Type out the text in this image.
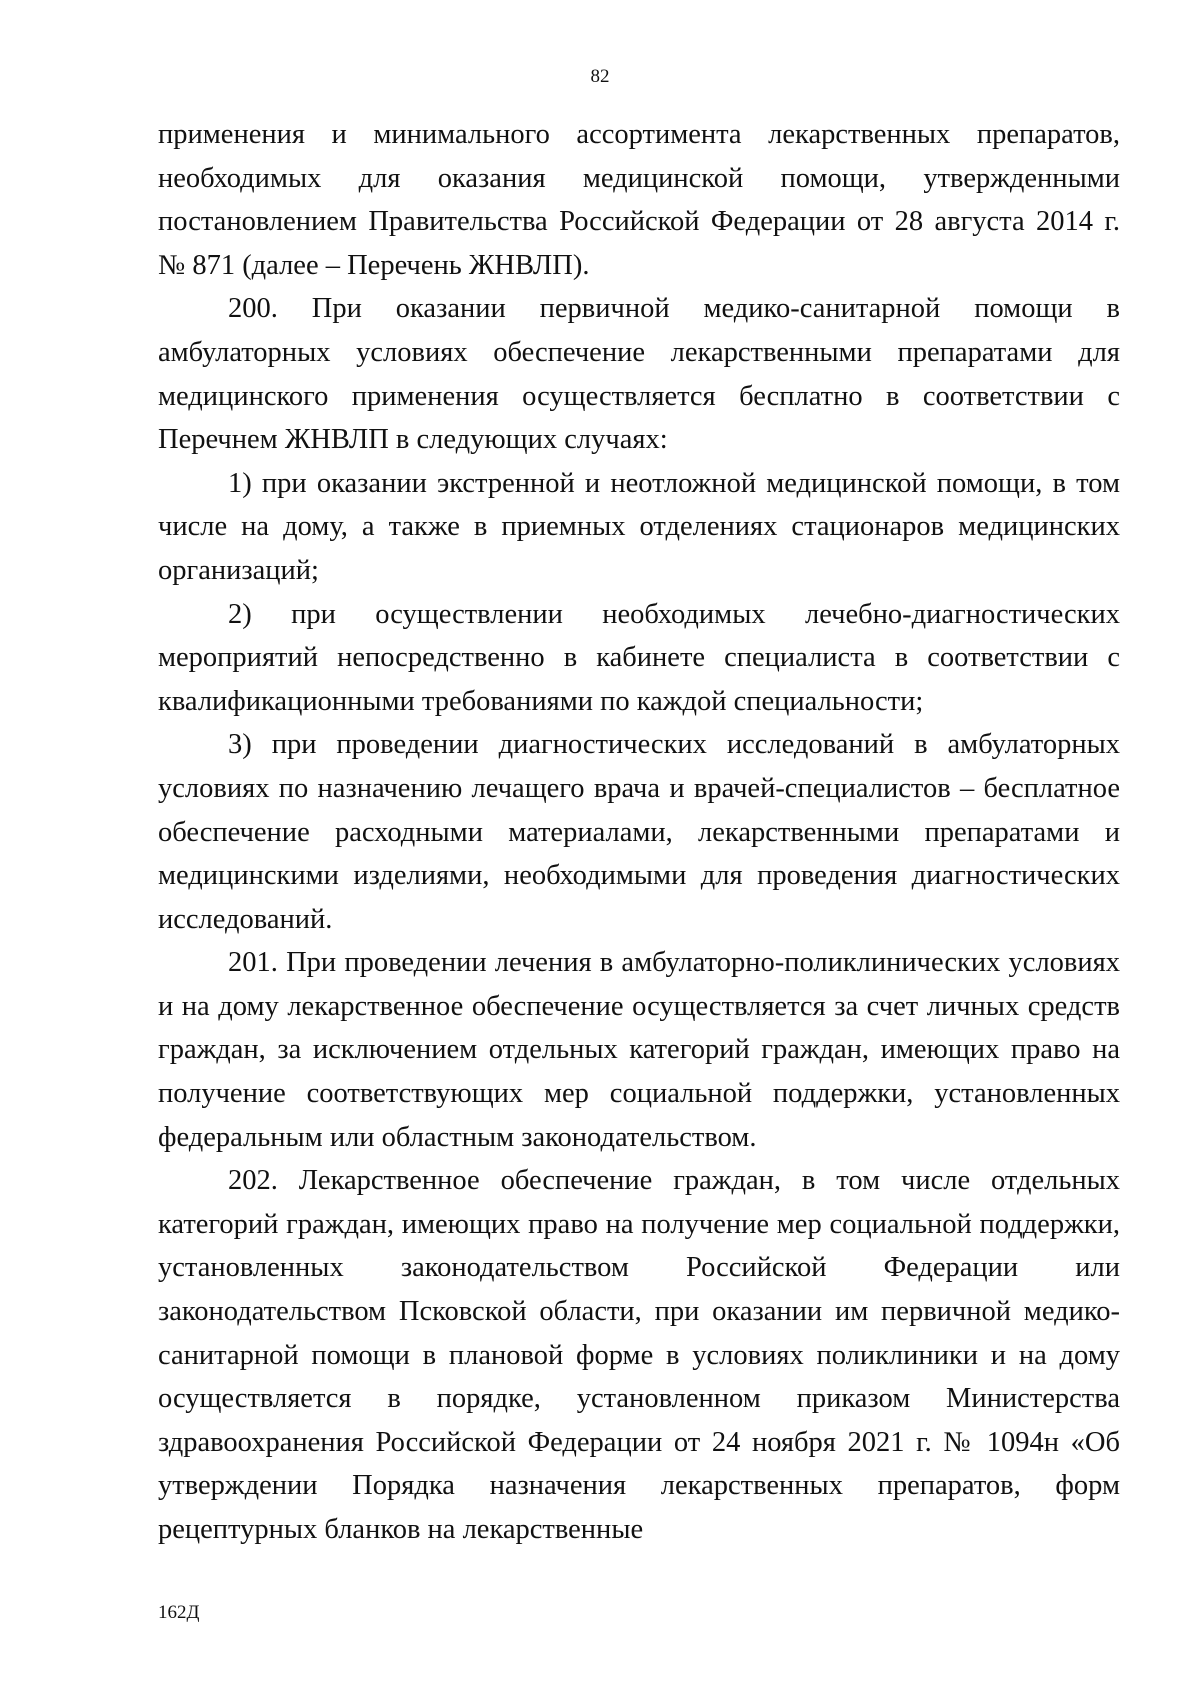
82

применения и минимального ассортимента лекарственных препаратов, необходимых для оказания медицинской помощи, утвержденными постановлением Правительства Российской Федерации от 28 августа 2014 г. № 871 (далее – Перечень ЖНВЛП).

200. При оказании первичной медико-санитарной помощи в амбулаторных условиях обеспечение лекарственными препаратами для медицинского применения осуществляется бесплатно в соответствии с Перечнем ЖНВЛП в следующих случаях:

1) при оказании экстренной и неотложной медицинской помощи, в том числе на дому, а также в приемных отделениях стационаров медицинских организаций;

2) при осуществлении необходимых лечебно-диагностических мероприятий непосредственно в кабинете специалиста в соответствии с квалификационными требованиями по каждой специальности;

3) при проведении диагностических исследований в амбулаторных условиях по назначению лечащего врача и врачей-специалистов – бесплатное обеспечение расходными материалами, лекарственными препаратами и медицинскими изделиями, необходимыми для проведения диагностических исследований.

201. При проведении лечения в амбулаторно-поликлинических условиях и на дому лекарственное обеспечение осуществляется за счет личных средств граждан, за исключением отдельных категорий граждан, имеющих право на получение соответствующих мер социальной поддержки, установленных федеральным или областным законодательством.

202. Лекарственное обеспечение граждан, в том числе отдельных категорий граждан, имеющих право на получение мер социальной поддержки, установленных законодательством Российской Федерации или законодательством Псковской области, при оказании им первичной медико-санитарной помощи в плановой форме в условиях поликлиники и на дому осуществляется в порядке, установленном приказом Министерства здравоохранения Российской Федерации от 24 ноября 2021 г. № 1094н «Об утверждении Порядка назначения лекарственных препаратов, форм рецептурных бланков на лекарственные

162Д
